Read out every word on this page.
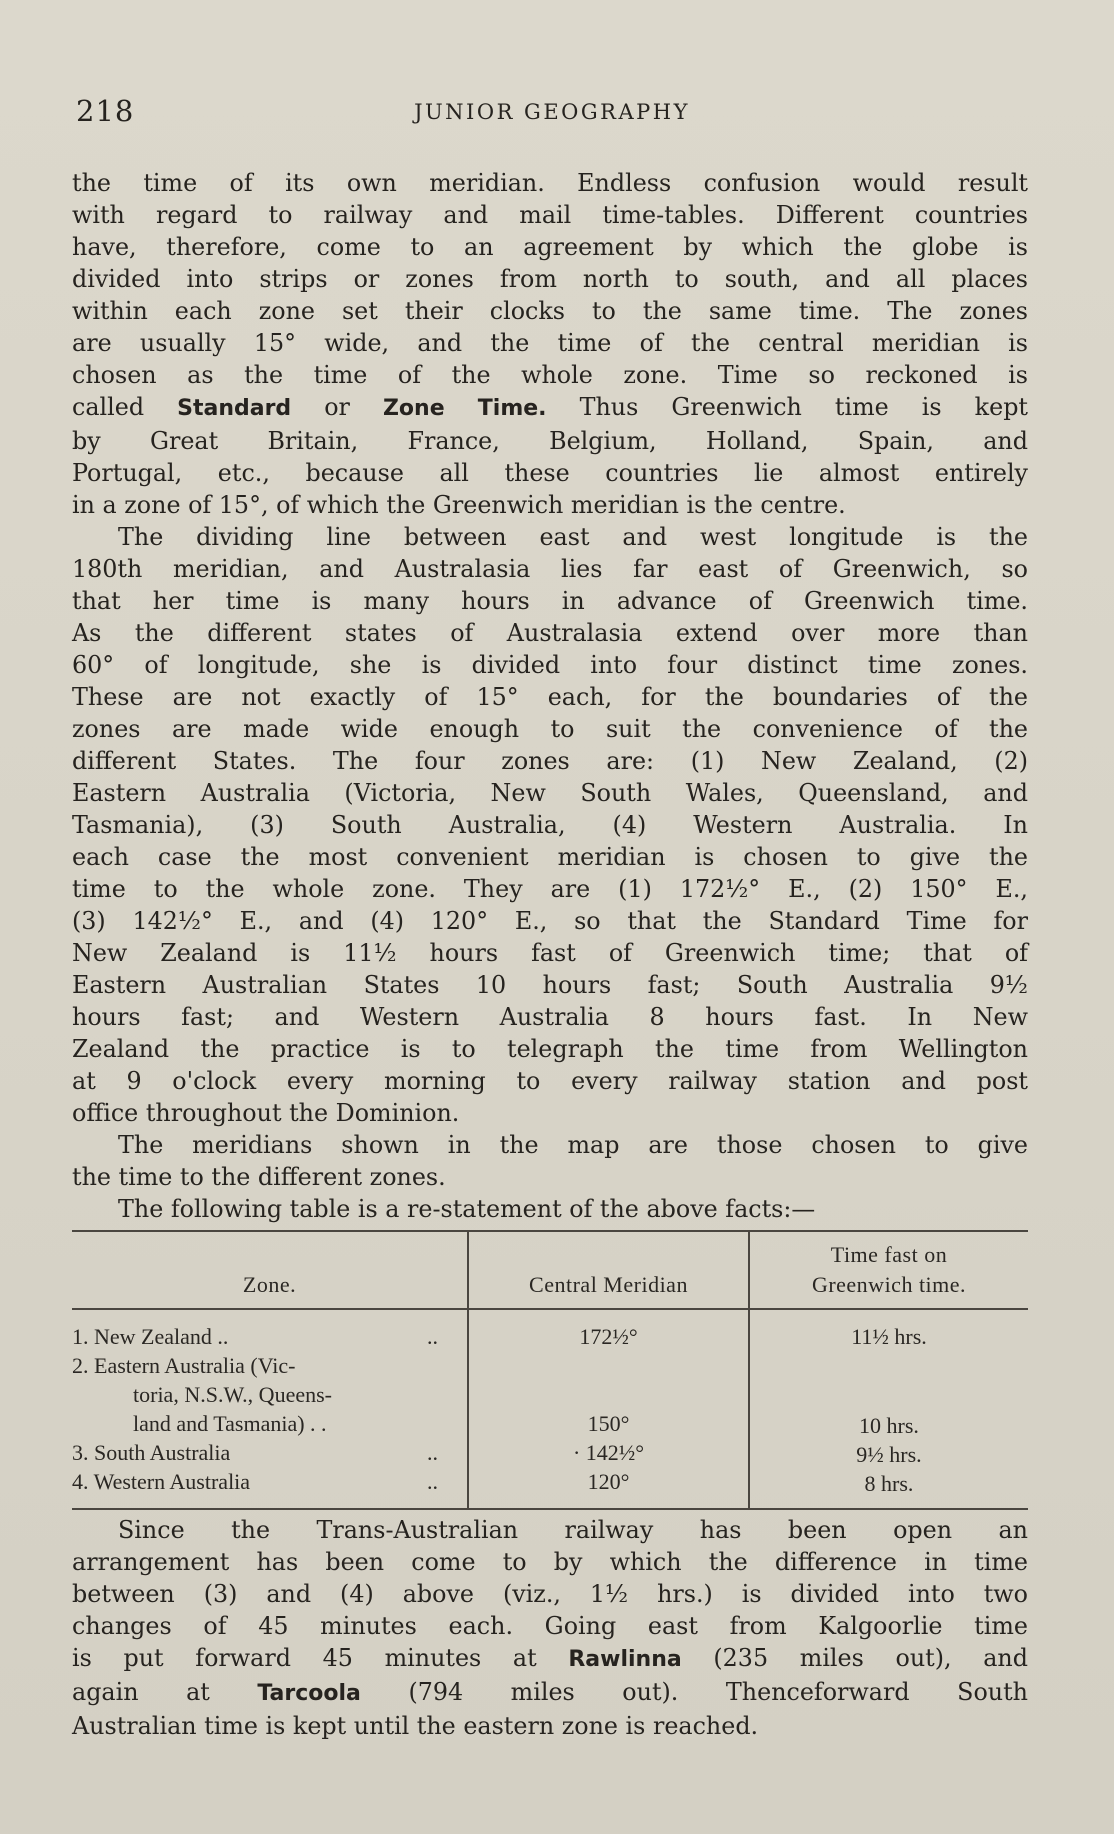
218	JUNIOR GEOGRAPHY
the time of its own meridian. Endless confusion would result
with regard to railway and mail time-tables. Different countries
have, therefore, come to an agreement by which the globe is
divided into strips or zones from north to south, and all places
within each zone set their clocks to the same time. The zones
are usually 15° wide, and the time of the central meridian is
chosen as the time of the whole zone. Time so reckoned is
called Standard or Zone Time. Thus Greenwich time is kept
by Great Britain, France, Belgium, Holland, Spain, and
Portugal, etc., because all these countries lie almost entirely
in a zone of 15°, of which the Greenwich meridian is the centre.
The dividing line between east and west longitude is the
180th meridian, and Australasia lies far east of Greenwich, so
that her time is many hours in advance of Greenwich time.
As the different states of Australasia extend over more than
60° of longitude, she is divided into four distinct time zones.
These are not exactly of 15° each, for the boundaries of the
zones are made wide enough to suit the convenience of the
different States. The four zones are: (1) New Zealand, (2)
Eastern Australia (Victoria, New South Wales, Queensland, and
Tasmania), (3) South Australia, (4) Western Australia. In
each case the most convenient meridian is chosen to give the
time to the whole zone. They are (1) 172½° E., (2) 150° E.,
(3) 142½° E., and (4) 120° E., so that the Standard Time for
New Zealand is 11½ hours fast of Greenwich time; that of
Eastern Australian States 10 hours fast; South Australia 9½
hours fast; and Western Australia 8 hours fast. In New
Zealand the practice is to telegraph the time from Wellington
at 9 o'clock every morning to every railway station and post
office throughout the Dominion.
The meridians shown in the map are those chosen to give
the time to the different zones.
The following table is a re-statement of the above facts:—
Zone.	Central Meridian
Time fast on
Greenwich time.
1. New Zealand ..	..	172½°	11½ hrs.
2. Eastern Australia (Vic-
toria, N.S.W., Queens-
land and Tasmania) . .	150°	10 hrs.
3. South Australia	..	· 142½°	9½ hrs.
4. Western Australia	..	120°	8 hrs.
Since the Trans-Australian railway has been open an
arrangement has been come to by which the difference in time
between (3) and (4) above (viz., 1½ hrs.) is divided into two
changes of 45 minutes each. Going east from Kalgoorlie time
is put forward 45 minutes at Rawlinna (235 miles out), and
again at Tarcoola (794 miles out). Thenceforward South
Australian time is kept until the eastern zone is reached.
